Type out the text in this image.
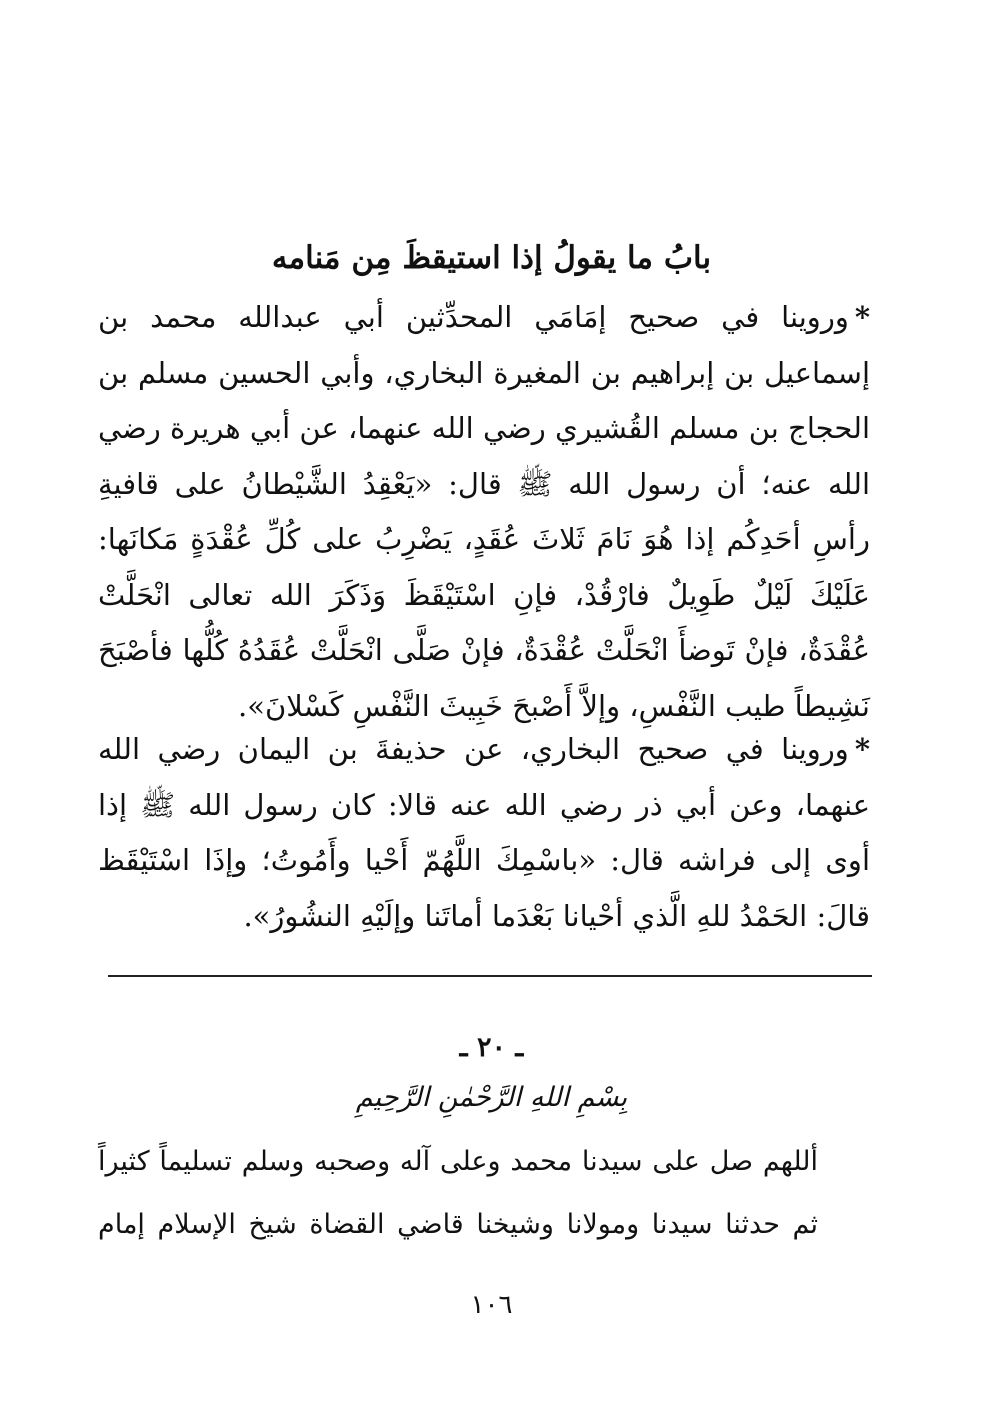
بابُ ما يقولُ إذا استيقظَ مِن مَنامه
*وروينا في صحيح إمَامَي المحدِّثين أبي عبدالله محمد بن إسماعيل بن إبراهيم بن المغيرة البخاري، وأبي الحسين مسلم بن الحجاج بن مسلم القُشيري رضي الله عنهما، عن أبي هريرة رضي الله عنه؛ أن رسول الله ﷺ قال: «يَعْقِدُ الشَّيْطانُ على قافيةِ رأسِ أحَدِكُم إذا هُوَ نَامَ ثَلاثَ عُقَدٍ، يَضْرِبُ على كُلِّ عُقْدَةٍ مَكانَها: عَلَيْكَ لَيْلٌ طَوِيلٌ فارْقُدْ، فإنِ اسْتَيْقَظَ وَذَكَرَ الله تعالى انْحَلَّتْ عُقْدَةٌ، فإنْ تَوضأَ انْحَلَّتْ عُقْدَةٌ، فإنْ صَلَّى انْحَلَّتْ عُقَدُهُ كُلُّها فأصْبَحَ نَشِيطاً طيب النَّفْسِ، وإلاَّ أَصْبحَ خَبِيثَ النَّفْسِ كَسْلانَ».
*وروينا في صحيح البخاري، عن حذيفةَ بن اليمان رضي الله عنهما، وعن أبي ذر رضي الله عنه قالا: كان رسول الله ﷺ إذا أوى إلى فراشه قال: «باسْمِكَ اللَّهُمّ أَحْيا وأَمُوتُ؛ وإذَا اسْتَيْقَظ قالَ: الحَمْدُ للهِ الَّذي أحْيانا بَعْدَما أماتَنا وإلَيْهِ النشُورُ».
ـ ٢٠ ـ
بِسْمِ اللهِ الرَّحْمٰنِ الرَّحِيمِ
أللهم صل على سيدنا محمد وعلى آله وصحبه وسلم تسليماً كثيراً
ثم حدثنا سيدنا ومولانا وشيخنا قاضي القضاة شيخ الإسلام إمام
١٠٦
